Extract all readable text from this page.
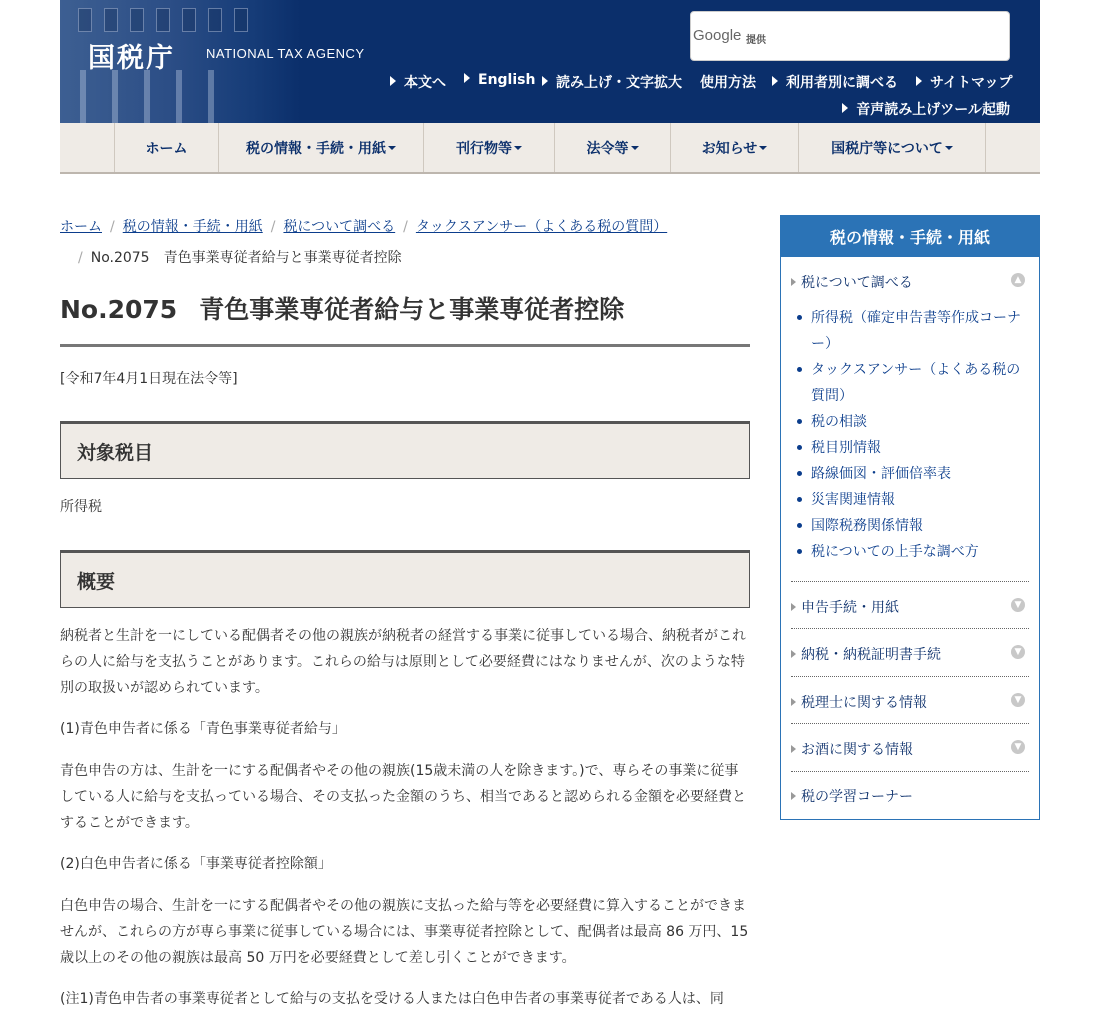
国税庁 NATIONAL TAX AGENCY
Google 提供
本文へ	English	読み上げ・文字拡大 使用方法	利用者別に調べる	サイトマップ
音声読み上げツール起動
ホーム	税の情報・手続・用紙	刊行物等	法令等	お知らせ	国税庁等について
ホーム / 税の情報・手続・用紙 / 税について調べる / タックスアンサー（よくある税の質問）
/ No.2075　青色事業専従者給与と事業専従者控除
No.2075 青色事業専従者給与と事業専従者控除
[令和7年4月1日現在法令等]
対象税目
所得税
概要

納税者と生計を一にしている配偶者その他の親族が納税者の経営する事業に従事している場合、納税者がこれらの人に給与を支払うことがあります。これらの給与は原則として必要経費にはなりませんが、次のような特別の取扱いが認められています。

(1)青色申告者に係る「青色事業専従者給与」

青色申告の方は、生計を一にする配偶者やその他の親族(15歳未満の人を除きます。)で、専らその事業に従事している人に給与を支払っている場合、その支払った金額のうち、相当であると認められる金額を必要経費とすることができます。

(2)白色申告者に係る「事業専従者控除額」

白色申告の場合、生計を一にする配偶者やその他の親族に支払った給与等を必要経費に算入することができませんが、これらの方が専ら事業に従事している場合には、事業専従者控除として、配偶者は最高 86 万円、15歳以上のその他の親族は最高 50 万円を必要経費として差し引くことができます。

(注1)青色申告者の事業専従者として給与の支払を受ける人または白色申告者の事業専従者である人は、同

税の情報・手続・用紙
税について調べる	▲
所得税（確定申告書等作成コーナー）
タックスアンサー（よくある税の質問）
税の相談
税目別情報
路線価図・評価倍率表
災害関連情報
国際税務関係情報
税についての上手な調べ方
申告手続・用紙	▼
納税・納税証明書手続	▼
税理士に関する情報	▼
お酒に関する情報	▼
税の学習コーナー
